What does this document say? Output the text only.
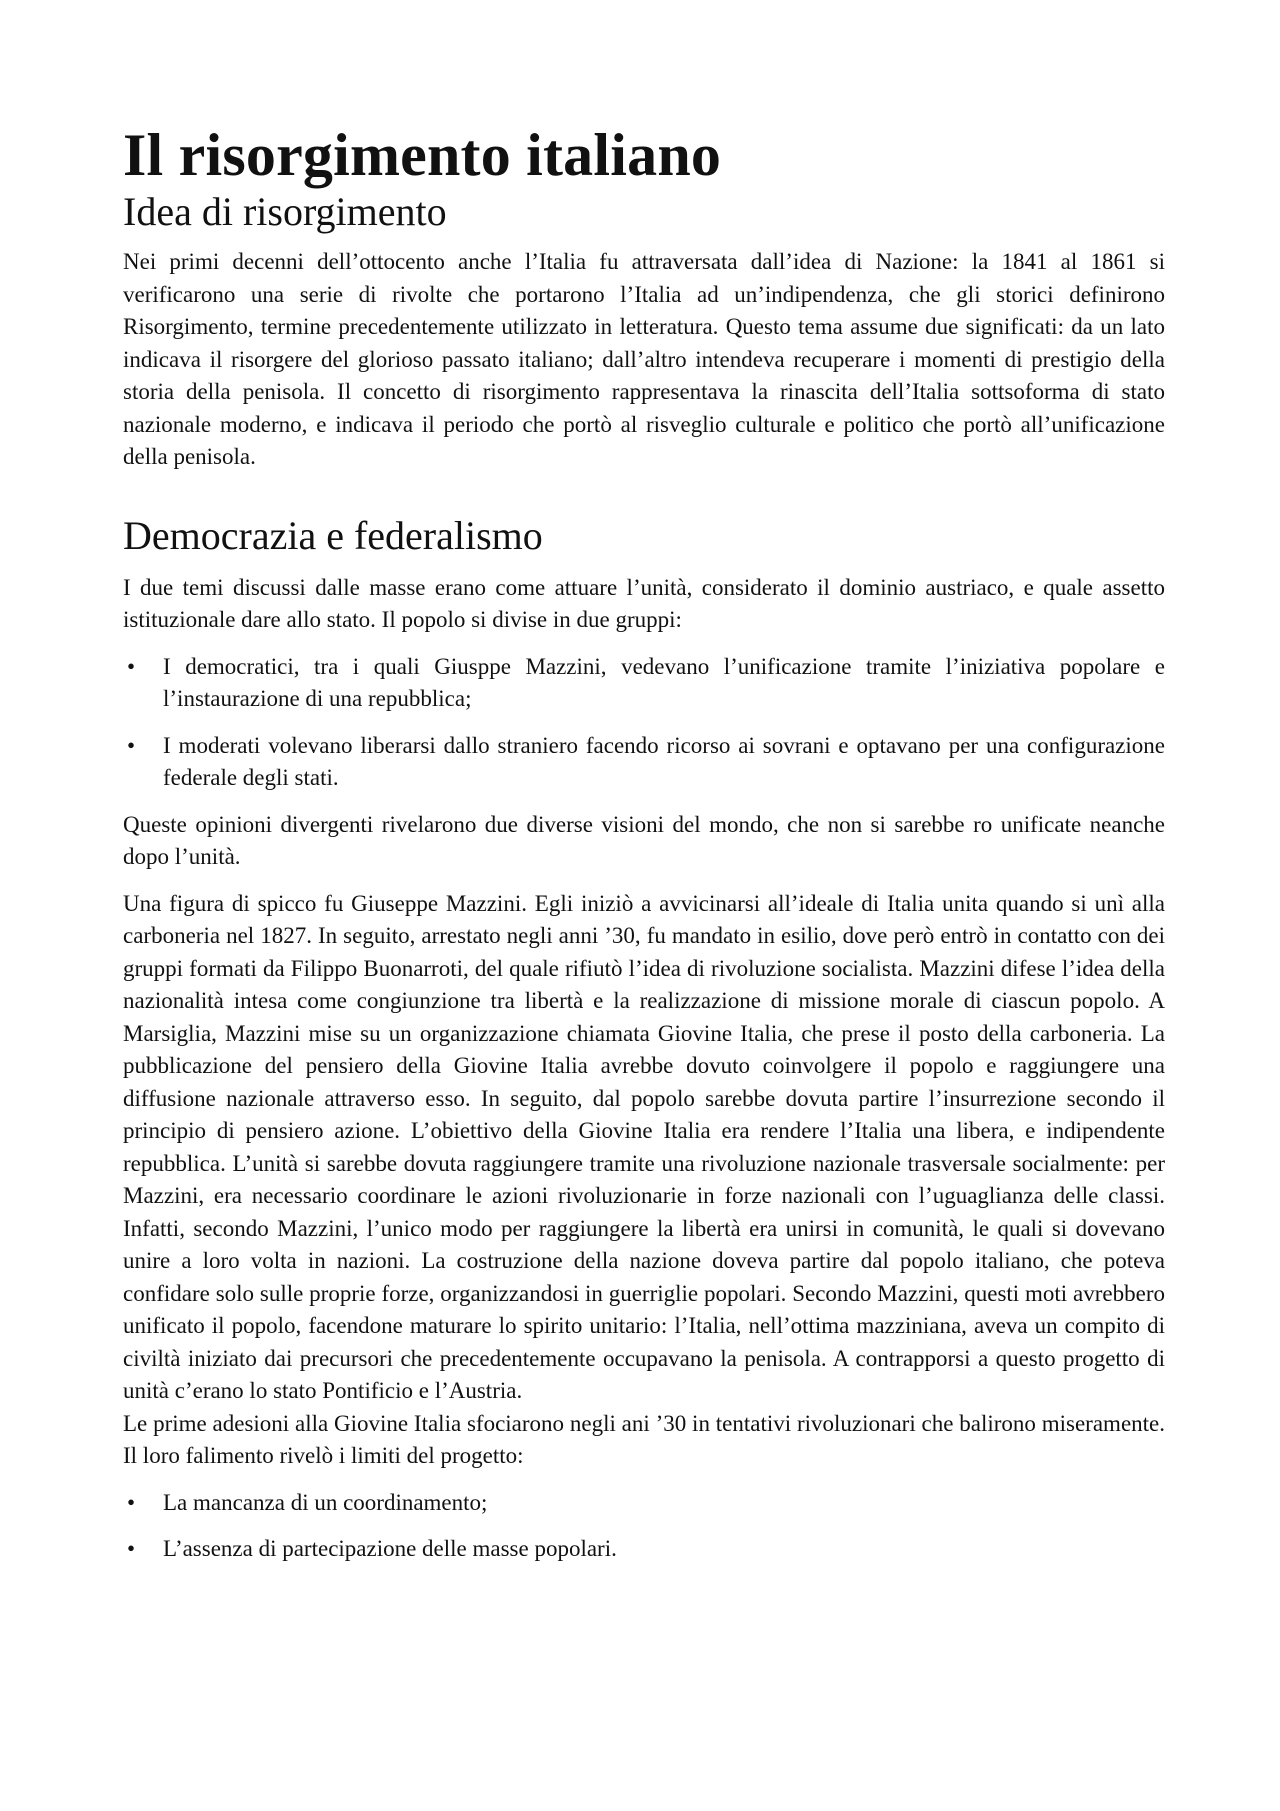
Il risorgimento italiano
Idea di risorgimento

Nei primi decenni dell’ottocento anche l’Italia fu attraversata dall’idea di Nazione: la 1841 al 1861 si verificarono una serie di rivolte che portarono l’Italia ad un’indipendenza, che gli storici definirono Risorgimento, termine precedentemente utilizzato in letteratura. Questo tema assume due significati: da un lato indicava il risorgere del glorioso passato italiano; dall’altro intendeva recuperare i momenti di prestigio della storia della penisola. Il concetto di risorgimento rappresentava la rinascita dell’Italia sottsoforma di stato nazionale moderno, e indicava il periodo che portò al risveglio culturale e politico che portò all’unificazione della penisola.

Democrazia e federalismo

I due temi discussi dalle masse erano come attuare l’unità, considerato il dominio austriaco, e quale assetto istituzionale dare allo stato. Il popolo si divise in due gruppi:

• I democratici, tra i quali Giusppe Mazzini, vedevano l’unificazione tramite l’iniziativa popolare e l’instaurazione di una repubblica;
• I moderati volevano liberarsi dallo straniero facendo ricorso ai sovrani e optavano per una configurazione federale degli stati.

Queste opinioni divergenti rivelarono due diverse visioni del mondo, che non si sarebbe ro unificate neanche dopo l’unità.

Una figura di spicco fu Giuseppe Mazzini. Egli iniziò a avvicinarsi all’ideale di Italia unita quando si unì alla carboneria nel 1827. In seguito, arrestato negli anni ’30, fu mandato in esilio, dove però entrò in contatto con dei gruppi formati da Filippo Buonarroti, del quale rifiutò l’idea di rivoluzione socialista. Mazzini difese l’idea della nazionalità intesa come congiunzione tra libertà e la realizzazione di missione morale di ciascun popolo. A Marsiglia, Mazzini mise su un organizzazione chiamata Giovine Italia, che prese il posto della carboneria. La pubblicazione del pensiero della Giovine Italia avrebbe dovuto coinvolgere il popolo e raggiungere una diffusione nazionale attraverso esso. In seguito, dal popolo sarebbe dovuta partire l’insurrezione secondo il principio di pensiero azione. L’obiettivo della Giovine Italia era rendere l’Italia una libera, e indipendente repubblica. L’unità si sarebbe dovuta raggiungere tramite una rivoluzione nazionale trasversale socialmente: per Mazzini, era necessario coordinare le azioni rivoluzionarie in forze nazionali con l’uguaglianza delle classi. Infatti, secondo Mazzini, l’unico modo per raggiungere la libertà era unirsi in comunità, le quali si dovevano unire a loro volta in nazioni. La costruzione della nazione doveva partire dal popolo italiano, che poteva confidare solo sulle proprie forze, organizzandosi in guerriglie popolari. Secondo Mazzini, questi moti avrebbero unificato il popolo, facendone maturare lo spirito unitario: l’Italia, nell’ottima mazziniana, aveva un compito di civiltà iniziato dai precursori che precedentemente occupavano la penisola. A contrapporsi a questo progetto di unità c’erano lo stato Pontificio e l’Austria.

Le prime adesioni alla Giovine Italia sfociarono negli ani ’30 in tentativi rivoluzionari che balirono miseramente. Il loro falimento rivelò i limiti del progetto:

• La mancanza di un coordinamento;
• L’assenza di partecipazione delle masse popolari.
